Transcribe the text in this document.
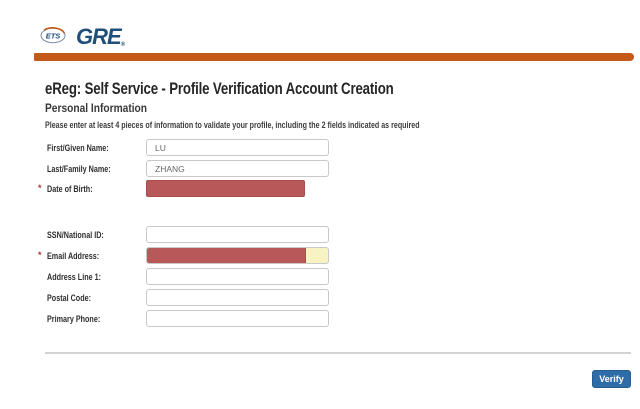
ETS GRE®
eReg: Self Service - Profile Verification Account Creation
Personal Information
Please enter at least 4 pieces of information to validate your profile, including the 2 fields indicated as required
First/Given Name:
LU
Last/Family Name:
ZHANG
* Date of Birth:
SSN/National ID:
* Email Address:
Address Line 1:
Postal Code:
Primary Phone:
Verify
